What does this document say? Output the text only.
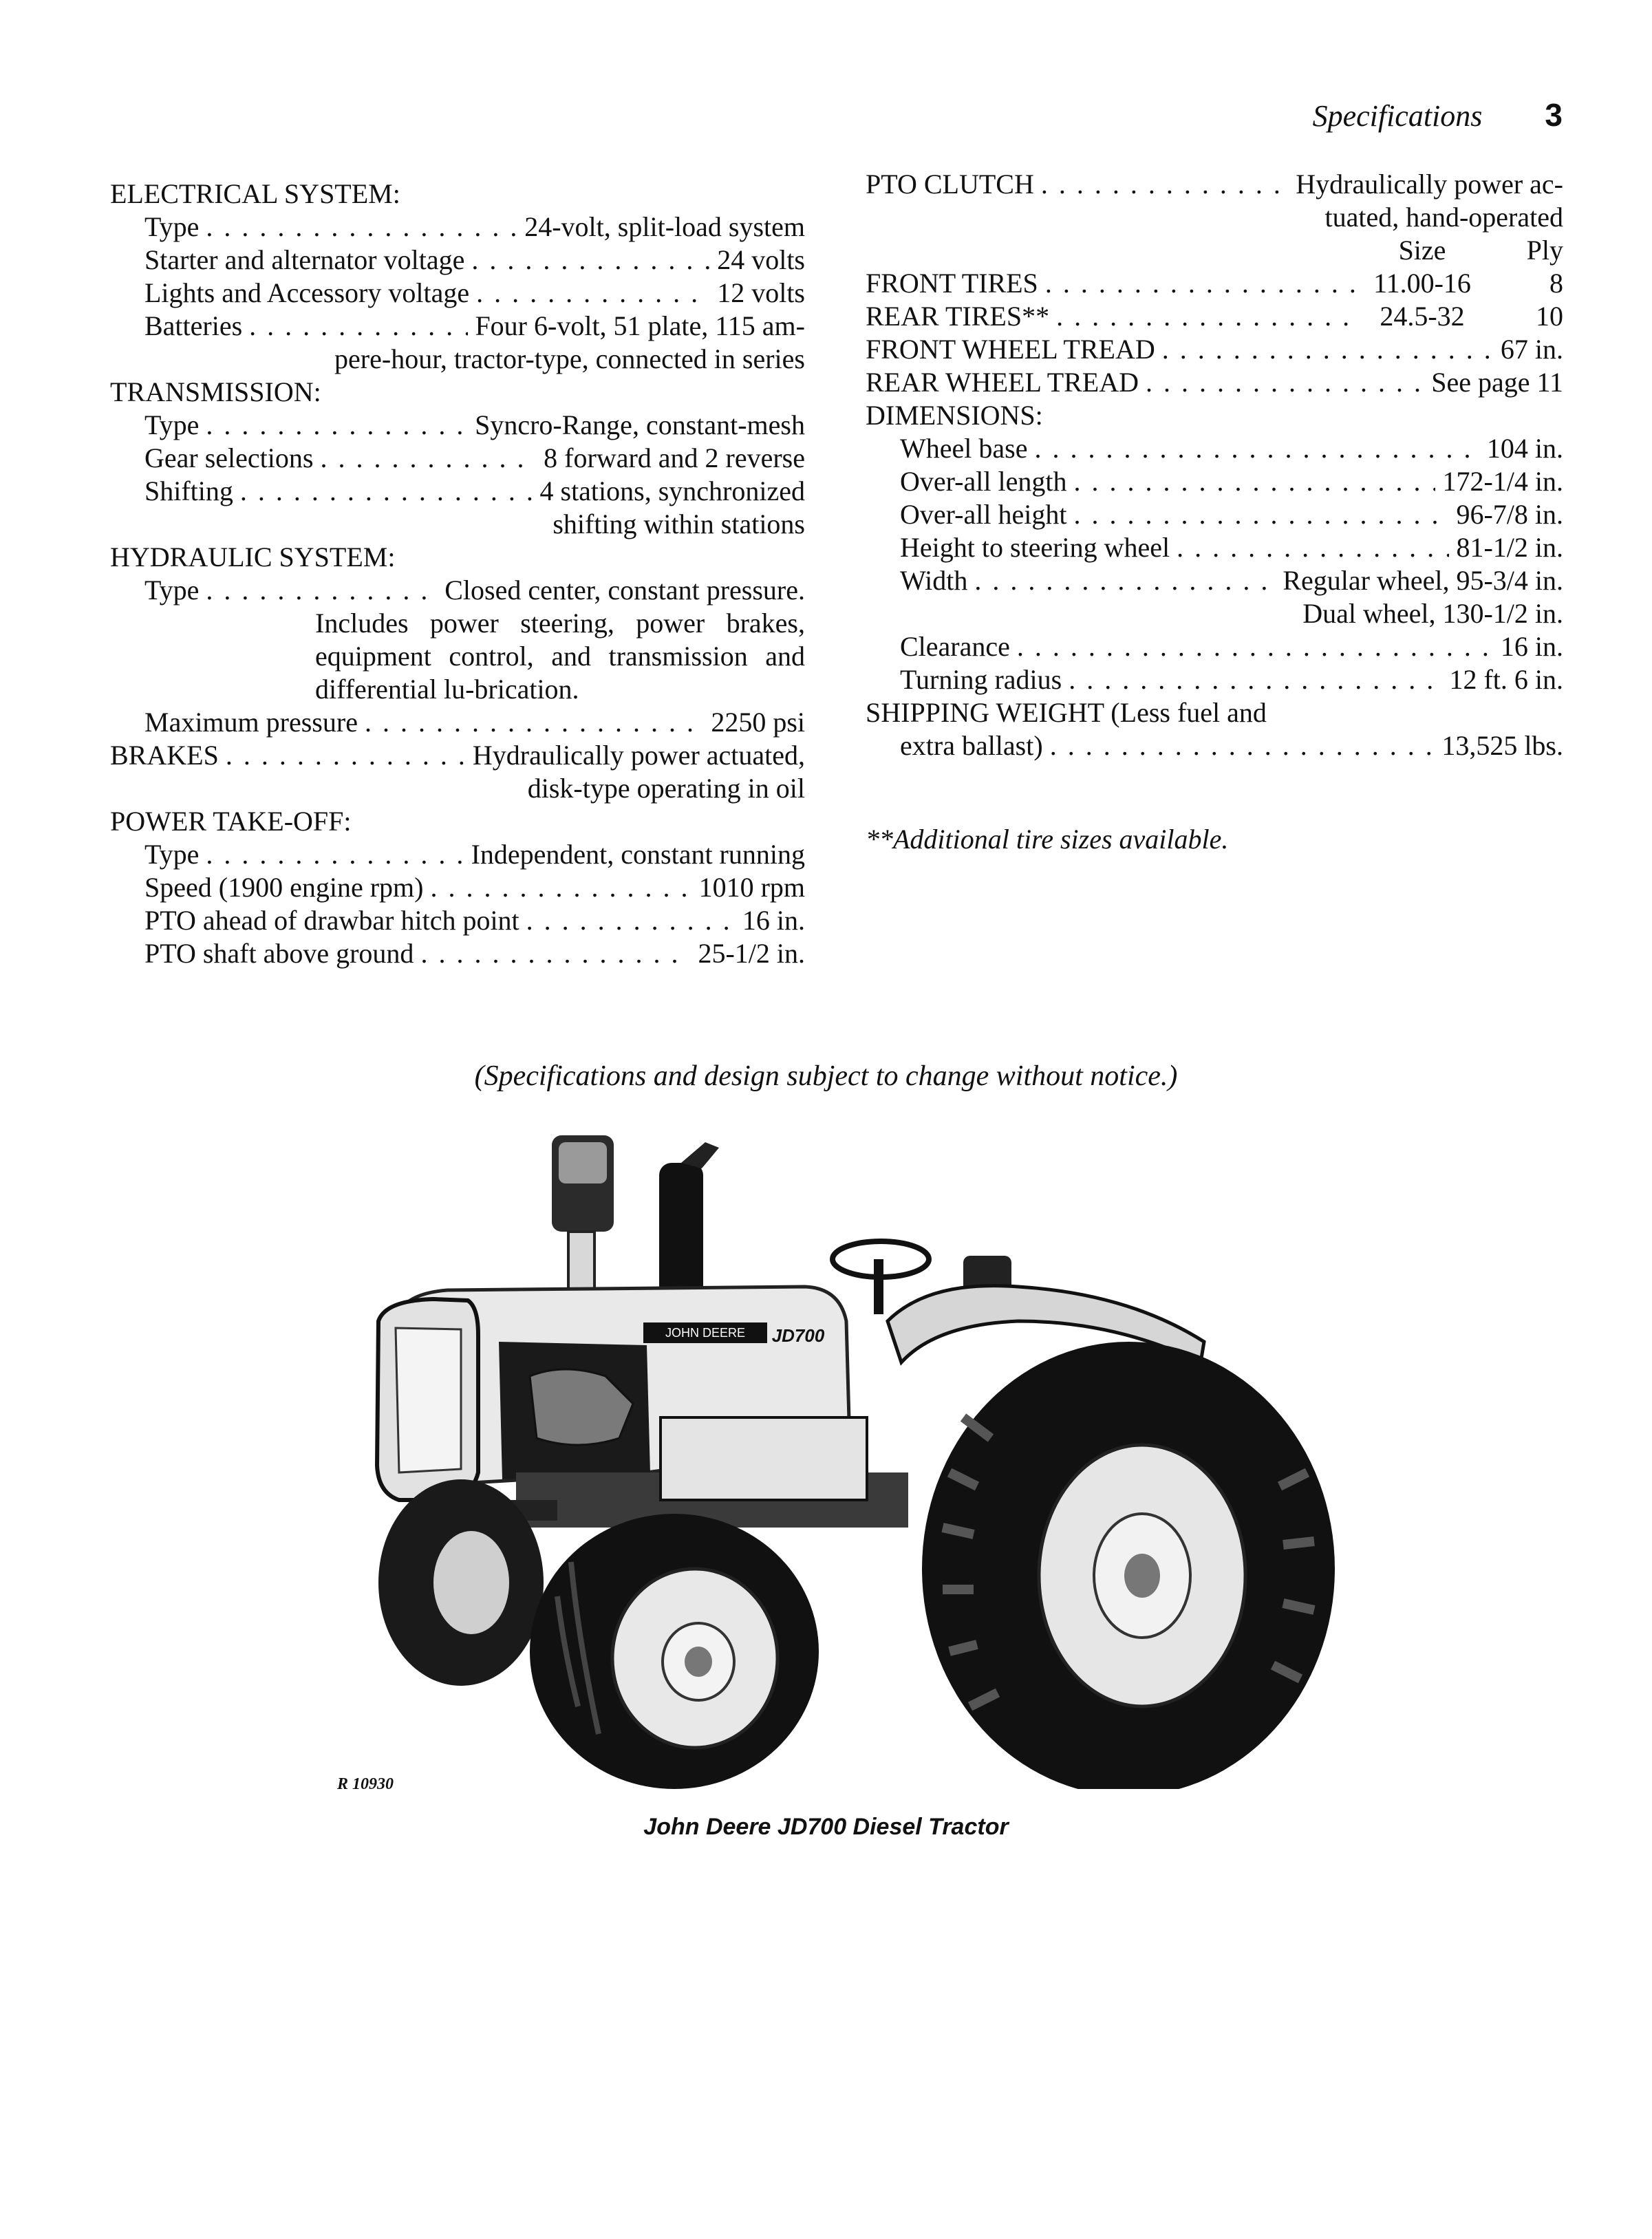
Specifications 3
ELECTRICAL SYSTEM:
Type . . .	24-volt, split-load system
Starter and alternator voltage . . .	24 volts
Lights and Accessory voltage . . .	12 volts
Batteries . . .	Four 6-volt, 51 plate, 115 am-
pere-hour, tractor-type, connected in series
TRANSMISSION:
Type . . .	Syncro-Range, constant-mesh
Gear selections . . .	8 forward and 2 reverse
Shifting . . .	4 stations, synchronized
shifting within stations
HYDRAULIC SYSTEM:
Type . . .	Closed center, constant pressure.
Includes power steering, power brakes, equipment control, and transmission and differential lu-brication.
Maximum pressure . . .	2250 psi
BRAKES . . .	Hydraulically power actuated,
disk-type operating in oil
POWER TAKE-OFF:
Type . . .	Independent, constant running
Speed (1900 engine rpm) . . .	1010 rpm
PTO ahead of drawbar hitch point . . .	16 in.
PTO shaft above ground . . .	25-1/2 in.
PTO CLUTCH . . .	Hydraulically power ac-
tuated, hand-operated
Size	Ply
FRONT TIRES . . .	11.00-16	8
REAR TIRES** . . .	24.5-32	10
FRONT WHEEL TREAD . . .	67 in.
REAR WHEEL TREAD . . .	See page 11
DIMENSIONS:
Wheel base . . .	104 in.
Over-all length . . .	172-1/4 in.
Over-all height . . .	96-7/8 in.
Height to steering wheel . . .	81-1/2 in.
Width . . .	Regular wheel, 95-3/4 in.
Dual wheel, 130-1/2 in.
Clearance . . .	16 in.
Turning radius . . .	12 ft. 6 in.
SHIPPING WEIGHT (Less fuel and
extra ballast) . . .	13,525 lbs.
**Additional tire sizes available.
(Specifications and design subject to change without notice.)
JOHN DEERE JD700
R 10930
John Deere JD700 Diesel Tractor
